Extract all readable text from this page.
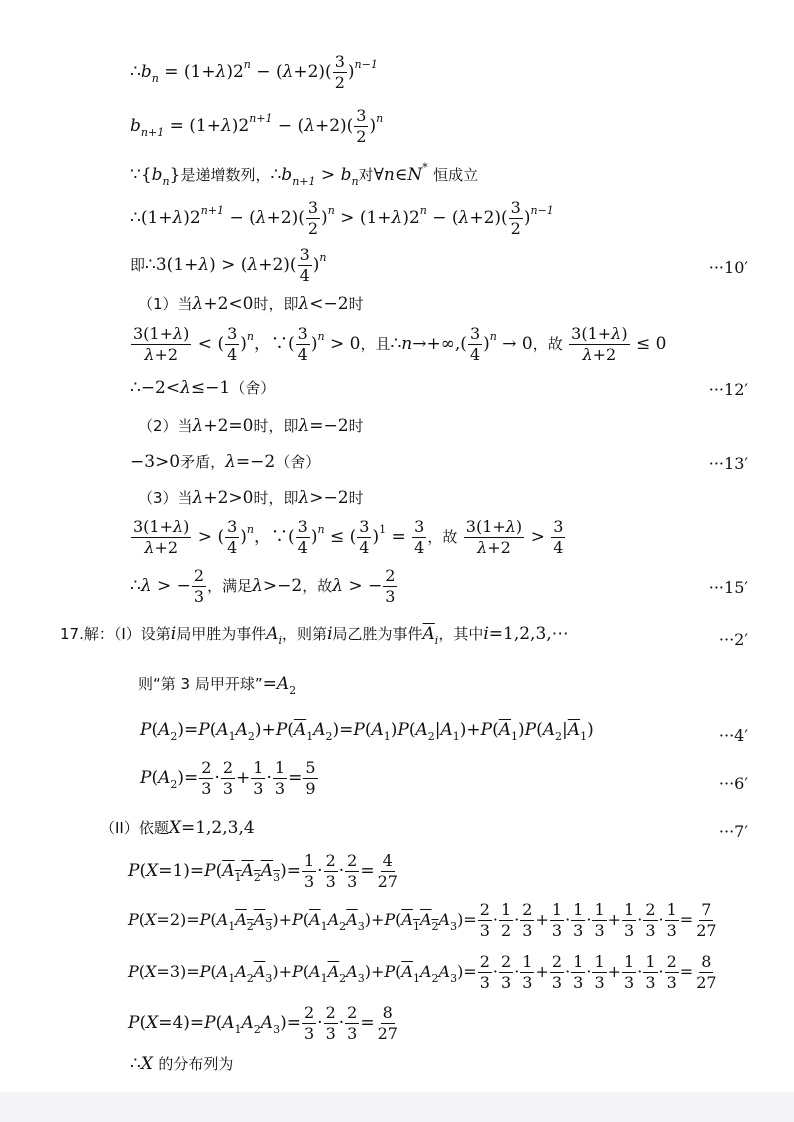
$\therefore b_n = (1+\lambda)2^n - (\lambda+2)( \frac{3}{2} )^{n-1}$
$b_{n+1} = (1+\lambda)2^{n+1} - (\lambda+2)( \frac{3}{2} )^n$
$\because\{b_n\}$是递增数列，$\therefore b_{n+1} > b_n$对∀n∈N* 恒成立
$\therefore(1+\lambda)2^{n+1} - (\lambda+2)( \frac{3}{2} )^n > (1+\lambda)2^n - (\lambda+2)( \frac{3}{2} )^{n-1}$
即∴3(1+λ) > $(\lambda+2)( \frac{3}{4} )^n$
···10′
（1）当λ+2<0时，即λ<−2时
$\frac{3(1+\lambda)}{\lambda+2}$ < ( $\frac{3}{4} )^n$，∵( $\frac{3}{4} )^n > 0$，且∴n→+∞,( $\frac{3}{4} )^n \to 0$，故 $\frac{3(1+\lambda)}{\lambda+2} \le 0$
∴−2<λ≤−1（舍）	···12′
（2）当λ+2=0时，即λ=−2时
−3>0矛盾，λ=−2（舍）	···13′
（3）当λ+2>0时，即λ>−2时
$\frac{3(1+\lambda)}{\lambda+2}$ > ( $\frac{3}{4} )^n$，∵( $\frac{3}{4} )^n$ ≤ ( $\frac{3}{4} )^1 = \frac{3}{4}$ ，故 $\frac{3(1+\lambda)}{\lambda+2} > \frac{3}{4}$
∴λ > − $\frac{2}{3}$ ，满足λ>−2，故λ > − $\frac{2}{3}$	···15′
17.解：（Ⅰ）设第i局甲胜为事件$A_i$，则第i局乙胜为事件$\overline{A}_i$，其中i=1,2,3,⋯	···2′
则“第 3 局甲开球$”=A_2$
$P(A_2)=P(A_1A_2)+P(\overline{A}_1A_2)=P(A_1)P(A_2|A_1)+P(\overline{A}_1)P(A_2|\overline{A}_1)$	···4′
$P(A_2)= \frac{2}{3} \cdot \frac{2}{3} + \frac{1}{3} \cdot \frac{1}{3} = \frac{5}{9}$	···6′
（II）依题X=1,2,3,4	···7′
$P(X=1)=P(A_1A_2A_3)= \frac{1}{3} \cdot \frac{2}{3} \cdot \frac{2}{3} = \frac{4}{27}$
$P(X=2)=P(A_1A_2A_3)+P(\overline{A}_1A_2\overline{A}_3)+P(A_1A_2A_3)= \frac{2}{3} \cdot \frac{1}{2} \cdot \frac{2}{3} + \frac{1}{3} \cdot \frac{1}{3} \cdot \frac{1}{3} + \frac{1}{3} \cdot \frac{2}{3} \cdot \frac{1}{3} = \frac{7}{27}$
$P(X=3)=P(A_1A_2\overline{A}_3)+P(A_1\overline{A}_2A_3)+P(\overline{A}_1A_2A_3)= \frac{2}{3} \cdot \frac{2}{3} \cdot \frac{1}{3} + \frac{2}{3} \cdot \frac{1}{3} \cdot \frac{1}{3} + \frac{1}{3} \cdot \frac{1}{3} \cdot \frac{2}{3} = \frac{8}{27}$
$P(X=4)=P(A_1A_2A_3)= \frac{2}{3} \cdot \frac{2}{3} \cdot \frac{2}{3} = \frac{8}{27}$
∴X 的分布列为
